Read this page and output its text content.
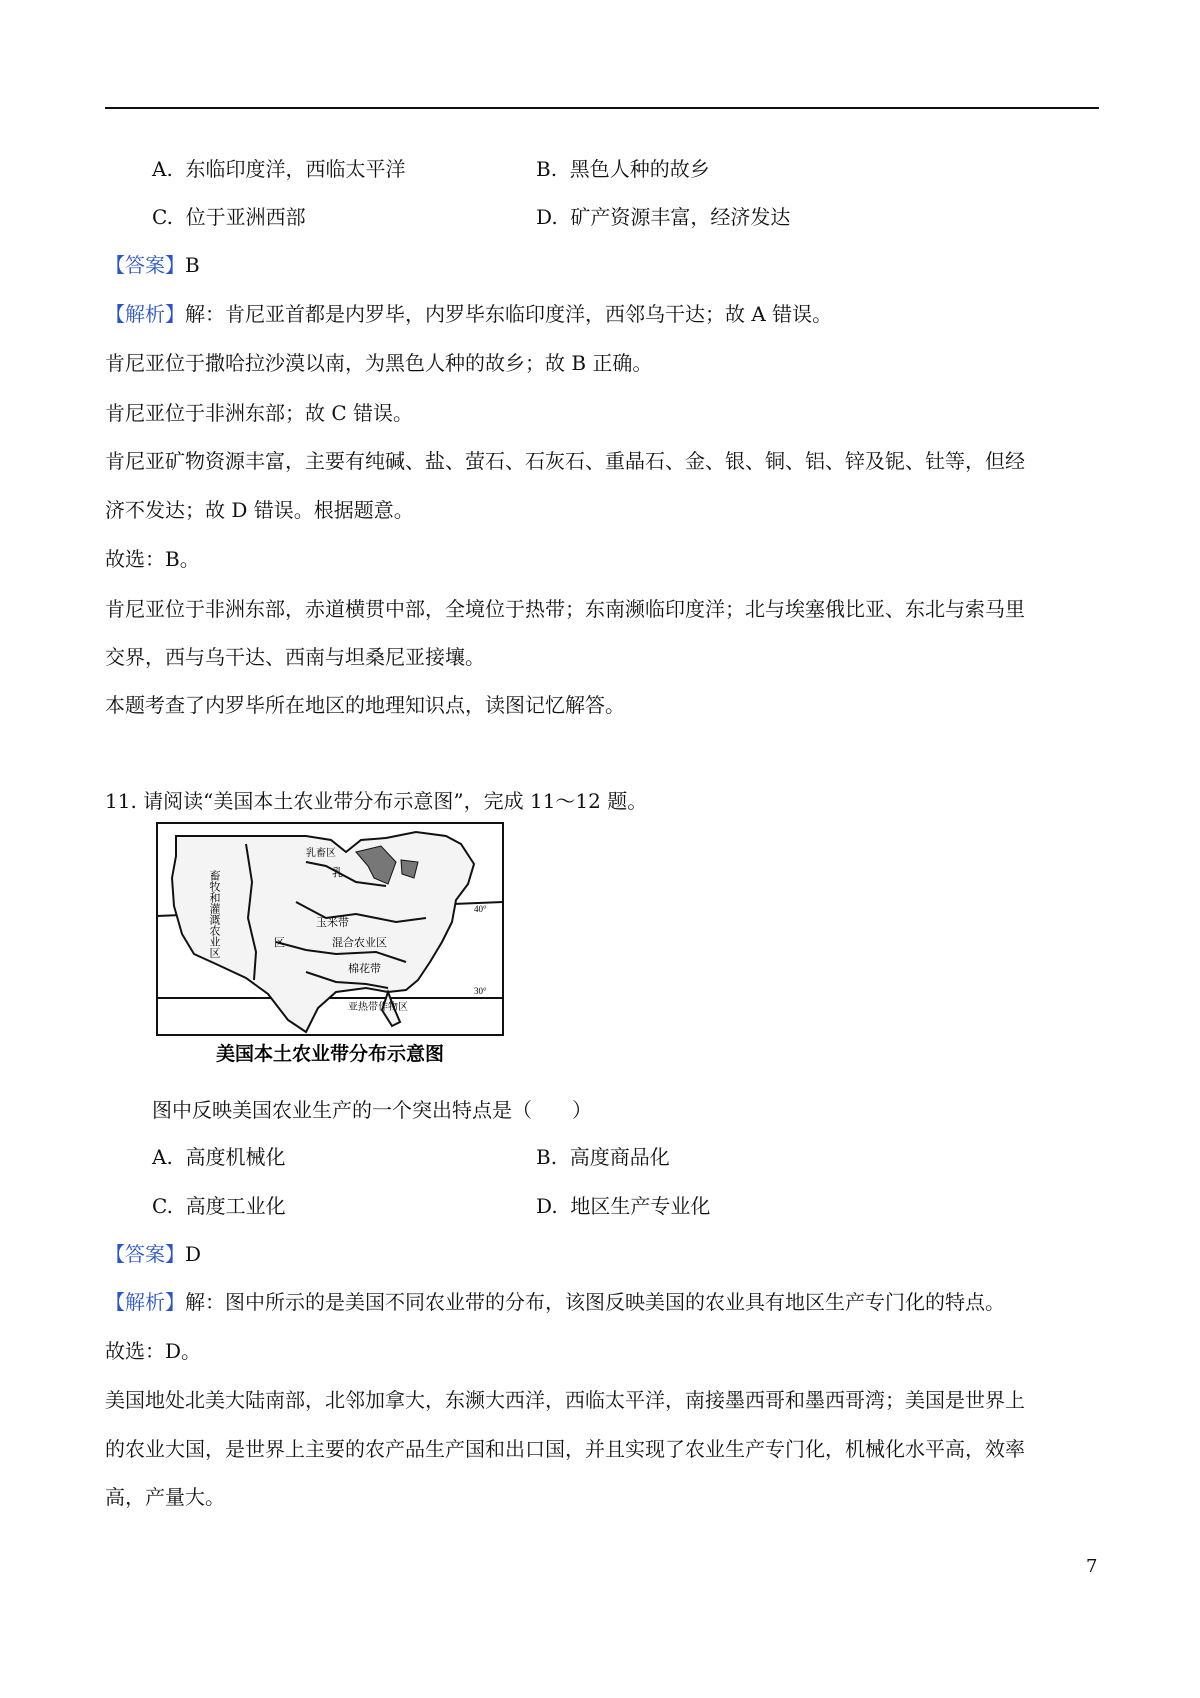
A. 东临印度洋，西临太平洋	B. 黑色人种的故乡
C. 位于亚洲西部	D. 矿产资源丰富，经济发达
【答案】B
【解析】解：肯尼亚首都是内罗毕，内罗毕东临印度洋，西邻乌干达；故 A 错误。
肯尼亚位于撒哈拉沙漠以南，为黑色人种的故乡；故 B 正确。
肯尼亚位于非洲东部；故 C 错误。
肯尼亚矿物资源丰富，主要有纯碱、盐、萤石、石灰石、重晶石、金、银、铜、铝、锌及铌、钍等，但经
济不发达；故 D 错误。根据题意。
故选：B。
肯尼亚位于非洲东部，赤道横贯中部，全境位于热带；东南濒临印度洋；北与埃塞俄比亚、东北与索马里
交界，西与乌干达、西南与坦桑尼亚接壤。
本题考查了内罗毕所在地区的地理知识点，读图记忆解答。
11. 请阅读“美国本土农业带分布示意图”，完成 11～12 题。
畜牧和灌溉农业区
乳畜区
乳
玉米带
区	混合农业区
棉花带
亚热带作物区
40°
30°
美国本土农业带分布示意图
图中反映美国农业生产的一个突出特点是（　　）
A. 高度机械化	B. 高度商品化
C. 高度工业化	D. 地区生产专业化
【答案】D
【解析】解：图中所示的是美国不同农业带的分布，该图反映美国的农业具有地区生产专门化的特点。
故选：D。
美国地处北美大陆南部，北邻加拿大，东濒大西洋，西临太平洋，南接墨西哥和墨西哥湾；美国是世界上
的农业大国，是世界上主要的农产品生产国和出口国，并且实现了农业生产专门化，机械化水平高，效率
高，产量大。
7
